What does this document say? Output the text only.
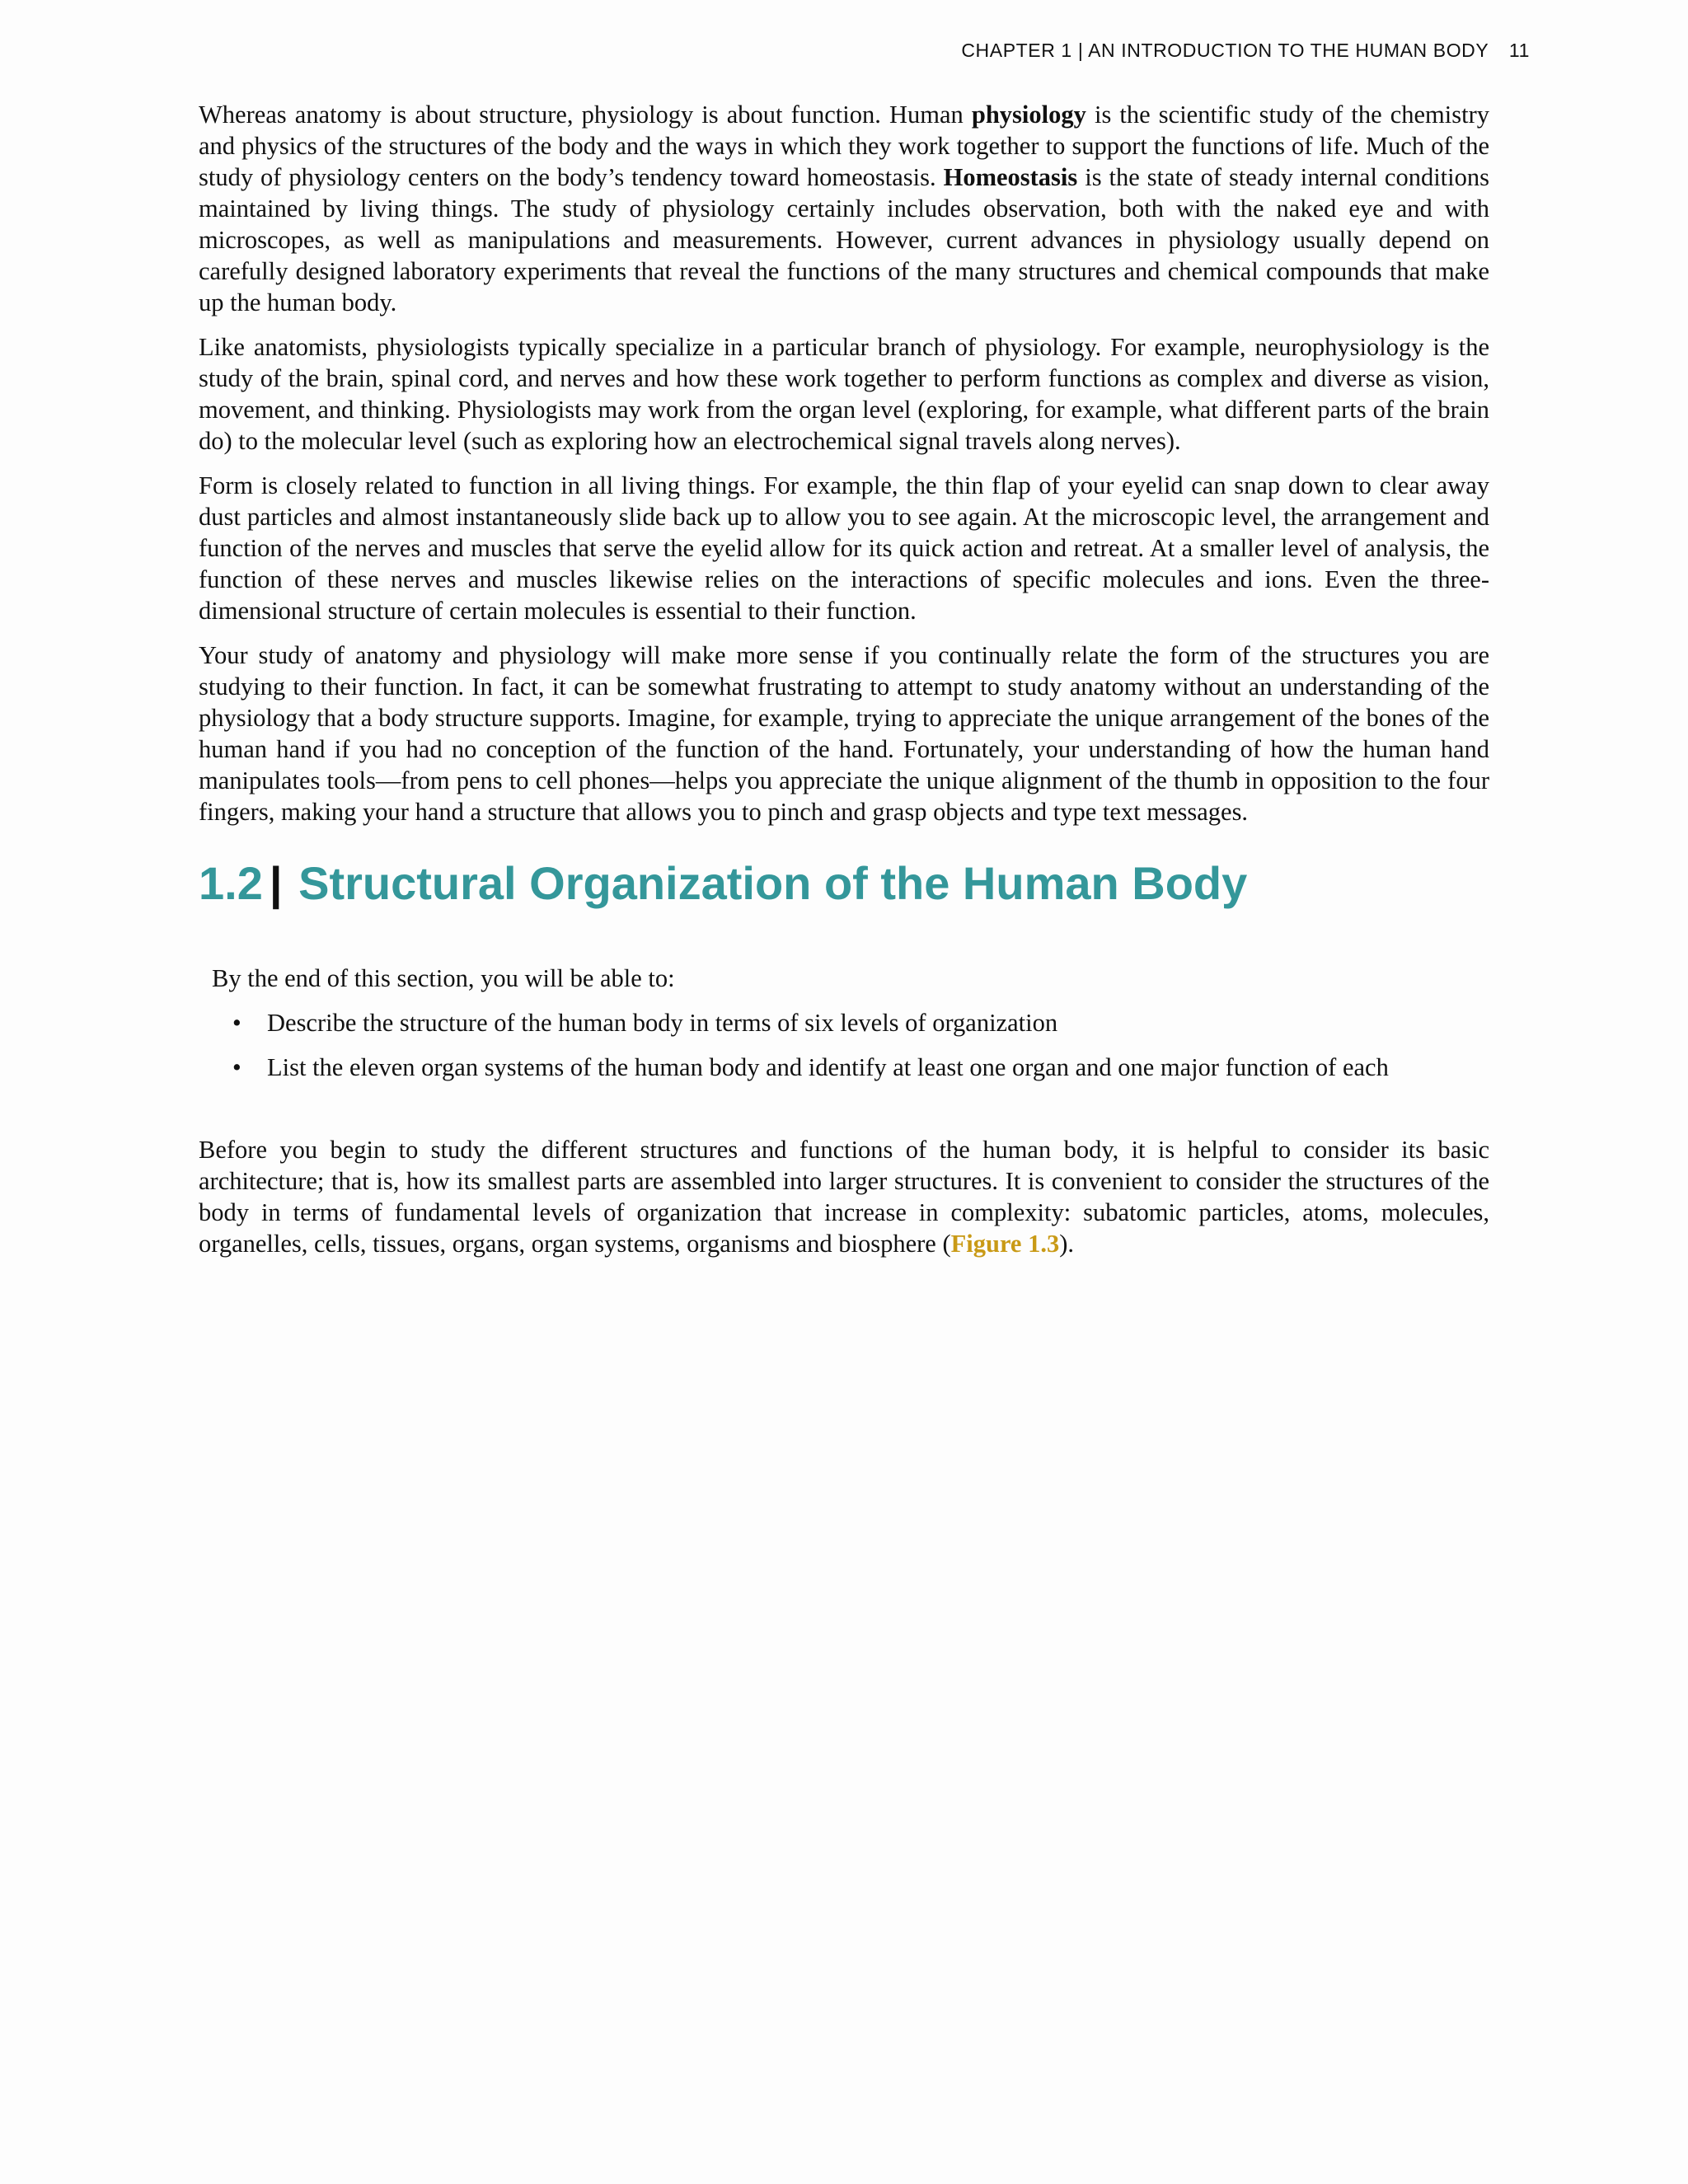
CHAPTER 1 | AN INTRODUCTION TO THE HUMAN BODY 11

Whereas anatomy is about structure, physiology is about function. Human physiology is the scientific study of the chemistry and physics of the structures of the body and the ways in which they work together to support the functions of life. Much of the study of physiology centers on the body’s tendency toward homeostasis. Homeostasis is the state of steady internal conditions maintained by living things. The study of physiology certainly includes observation, both with the naked eye and with microscopes, as well as manipulations and measurements. However, current advances in physiology usually depend on carefully designed laboratory experiments that reveal the functions of the many structures and chemical compounds that make up the human body.

Like anatomists, physiologists typically specialize in a particular branch of physiology. For example, neurophysiology is the study of the brain, spinal cord, and nerves and how these work together to perform functions as complex and diverse as vision, movement, and thinking. Physiologists may work from the organ level (exploring, for example, what different parts of the brain do) to the molecular level (such as exploring how an electrochemical signal travels along nerves).

Form is closely related to function in all living things. For example, the thin flap of your eyelid can snap down to clear away dust particles and almost instantaneously slide back up to allow you to see again. At the microscopic level, the arrangement and function of the nerves and muscles that serve the eyelid allow for its quick action and retreat. At a smaller level of analysis, the function of these nerves and muscles likewise relies on the interactions of specific molecules and ions. Even the three-dimensional structure of certain molecules is essential to their function.

Your study of anatomy and physiology will make more sense if you continually relate the form of the structures you are studying to their function. In fact, it can be somewhat frustrating to attempt to study anatomy without an understanding of the physiology that a body structure supports. Imagine, for example, trying to appreciate the unique arrangement of the bones of the human hand if you had no conception of the function of the hand. Fortunately, your understanding of how the human hand manipulates tools—from pens to cell phones—helps you appreciate the unique alignment of the thumb in opposition to the four fingers, making your hand a structure that allows you to pinch and grasp objects and type text messages.

1.2 | Structural Organization of the Human Body

By the end of this section, you will be able to:

• Describe the structure of the human body in terms of six levels of organization
• List the eleven organ systems of the human body and identify at least one organ and one major function of each

Before you begin to study the different structures and functions of the human body, it is helpful to consider its basic architecture; that is, how its smallest parts are assembled into larger structures. It is convenient to consider the structures of the body in terms of fundamental levels of organization that increase in complexity: subatomic particles, atoms, molecules, organelles, cells, tissues, organs, organ systems, organisms and biosphere (Figure 1.3).
